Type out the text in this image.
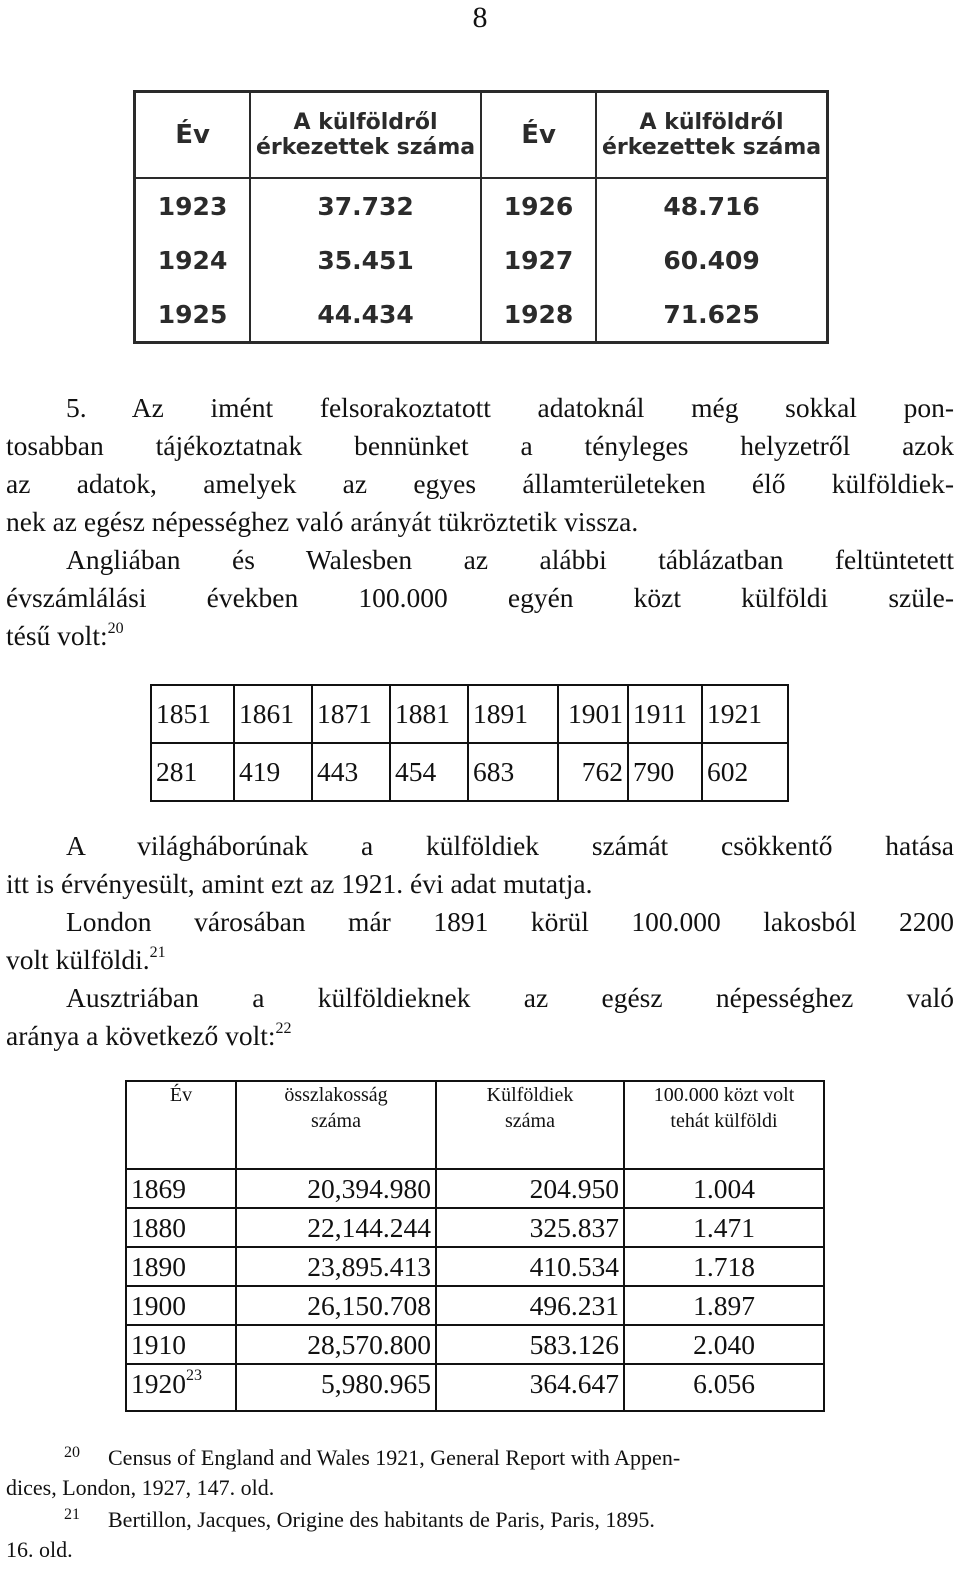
8
Év	A külföldről érkezettek száma	Év	A külföldről érkezettek száma
1923	37.732	1926	48.716
1924	35.451	1927	60.409
1925	44.434	1928	71.625
5. Az imént felsorakoztatott adatoknál még sokkal pon-
tosabban tájékoztatnak bennünket a tényleges helyzetről azok
az adatok, amelyek az egyes államterületeken élő külföldiek-
nek az egész népességhez való arányát tükröztetik vissza.
Angliában és Walesben az alábbi táblázatban feltüntetett
évszámlálási években 100.000 egyén közt külföldi szüle-
tésű volt:$^{20}$
1851	1861	1871	1881	1891	1901	1911	1921
281	419	443	454	683	762	790	602
A világháborúnak a külföldiek számát csökkentő hatása
itt is érvényesült, amint ezt az 1921. évi adat mutatja.
London városában már 1891 körül 100.000 lakosból 2200
volt külföldi.$^{21}$
Ausztriában a külföldieknek az egész népességhez való
aránya a következő volt:$^{22}$
Év	összlakosság száma	Külföldiek száma	100.000 közt volt tehát külföldi

1869	20,394.980	204.950	1.004
1880	22,144.244	325.837	1.471
1890	23,895.413	410.534	1.718
1900	26,150.708	496.231	1.897
1910	28,570.800	583.126	2.040
1920$^{23}$	5,980.965	364.647	6.056

20 Census of England and Wales 1921, General Report with Appen-
dices, London, 1927, 147. old.
21 Bertillon, Jacques, Origine des habitants de Paris, Paris, 1895.
16. old.
